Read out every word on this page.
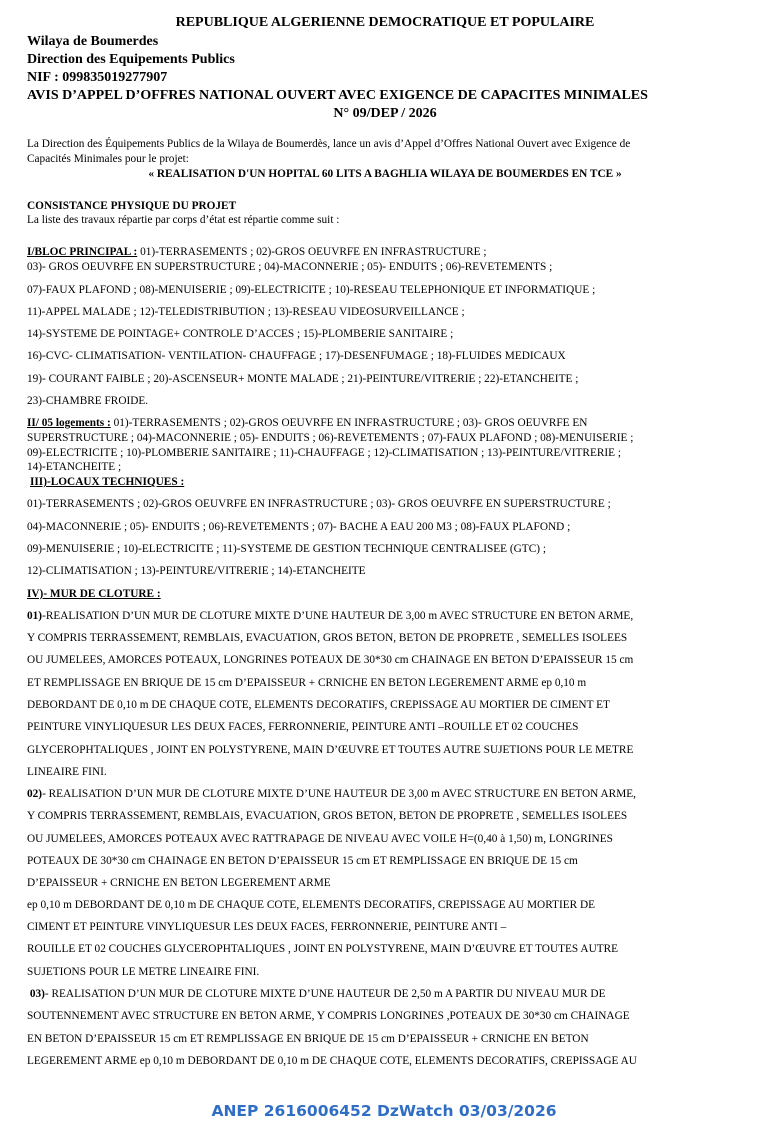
REPUBLIQUE ALGERIENNE DEMOCRATIQUE ET POPULAIRE
Wilaya de Boumerdes
Direction des Equipements Publics
NIF : 099835019277907
AVIS D’APPEL D’OFFRES NATIONAL OUVERT AVEC EXIGENCE DE CAPACITES MINIMALES
N° 09/DEP / 2026
La Direction des Équipements Publics de la Wilaya de Boumerdès, lance un avis d’Appel d’Offres National Ouvert avec Exigence de
Capacités Minimales pour le projet:
« REALISATION D'UN HOPITAL 60 LITS A BAGHLIA WILAYA DE BOUMERDES EN TCE »
CONSISTANCE PHYSIQUE DU PROJET
La liste des travaux répartie par corps d’état est répartie comme suit :
I/BLOC PRINCIPAL : 01)-TERRASEMENTS ; 02)-GROS OEUVRFE EN INFRASTRUCTURE ;
03)- GROS OEUVRFE EN SUPERSTRUCTURE ; 04)-MACONNERIE ; 05)- ENDUITS ; 06)-REVETEMENTS ;
07)-FAUX PLAFOND ; 08)-MENUISERIE ; 09)-ELECTRICITE ; 10)-RESEAU TELEPHONIQUE ET INFORMATIQUE ;
11)-APPEL MALADE ; 12)-TELEDISTRIBUTION ; 13)-RESEAU VIDEOSURVEILLANCE ;
14)-SYSTEME DE POINTAGE+ CONTROLE D’ACCES ; 15)-PLOMBERIE SANITAIRE ;
16)-CVC- CLIMATISATION- VENTILATION- CHAUFFAGE ; 17)-DESENFUMAGE ; 18)-FLUIDES MEDICAUX
19)- COURANT FAIBLE ; 20)-ASCENSEUR+ MONTE MALADE ; 21)-PEINTURE/VITRERIE ; 22)-ETANCHEITE ;
23)-CHAMBRE FROIDE.
II/ 05 logements : 01)-TERRASEMENTS ; 02)-GROS OEUVRFE EN INFRASTRUCTURE ; 03)- GROS OEUVRFE EN
SUPERSTRUCTURE ; 04)-MACONNERIE ; 05)- ENDUITS ; 06)-REVETEMENTS ; 07)-FAUX PLAFOND ; 08)-MENUISERIE ;
09)-ELECTRICITE ; 10)-PLOMBERIE SANITAIRE ; 11)-CHAUFFAGE ; 12)-CLIMATISATION ; 13)-PEINTURE/VITRERIE ;
14)-ETANCHEITE ;
III)-LOCAUX TECHNIQUES :
01)-TERRASEMENTS ; 02)-GROS OEUVRFE EN INFRASTRUCTURE ; 03)- GROS OEUVRFE EN SUPERSTRUCTURE ;
04)-MACONNERIE ; 05)- ENDUITS ; 06)-REVETEMENTS ; 07)- BACHE A EAU 200 M3 ; 08)-FAUX PLAFOND ;
09)-MENUISERIE ; 10)-ELECTRICITE ; 11)-SYSTEME DE GESTION TECHNIQUE CENTRALISEE (GTC) ;
12)-CLIMATISATION ; 13)-PEINTURE/VITRERIE ; 14)-ETANCHEITE
IV)- MUR DE CLOTURE :
01)-REALISATION D’UN MUR DE CLOTURE MIXTE D’UNE HAUTEUR DE 3,00 m AVEC STRUCTURE EN BETON ARME,
Y COMPRIS TERRASSEMENT, REMBLAIS, EVACUATION, GROS BETON, BETON DE PROPRETE , SEMELLES ISOLEES
OU JUMELEES, AMORCES POTEAUX, LONGRINES POTEAUX DE 30*30 cm CHAINAGE EN BETON D’EPAISSEUR 15 cm
ET REMPLISSAGE EN BRIQUE DE 15 cm D’EPAISSEUR + CRNICHE EN BETON LEGEREMENT ARME ep 0,10 m
DEBORDANT DE 0,10 m DE CHAQUE COTE, ELEMENTS DECORATIFS, CREPISSAGE AU MORTIER DE CIMENT ET
PEINTURE VINYLIQUESUR LES DEUX FACES, FERRONNERIE, PEINTURE ANTI –ROUILLE ET 02 COUCHES
GLYCEROPHTALIQUES , JOINT EN POLYSTYRENE, MAIN D’ŒUVRE ET TOUTES AUTRE SUJETIONS POUR LE METRE
LINEAIRE FINI.
02)- REALISATION D’UN MUR DE CLOTURE MIXTE D’UNE HAUTEUR DE 3,00 m AVEC STRUCTURE EN BETON ARME,
Y COMPRIS TERRASSEMENT, REMBLAIS, EVACUATION, GROS BETON, BETON DE PROPRETE , SEMELLES ISOLEES
OU JUMELEES, AMORCES POTEAUX AVEC RATTRAPAGE DE NIVEAU AVEC VOILE H=(0,40 à 1,50) m, LONGRINES
POTEAUX DE 30*30 cm CHAINAGE EN BETON D’EPAISSEUR 15 cm ET REMPLISSAGE EN BRIQUE DE 15 cm
D’EPAISSEUR + CRNICHE EN BETON LEGEREMENT ARME
ep 0,10 m DEBORDANT DE 0,10 m DE CHAQUE COTE, ELEMENTS DECORATIFS, CREPISSAGE AU MORTIER DE
CIMENT ET PEINTURE VINYLIQUESUR LES DEUX FACES, FERRONNERIE, PEINTURE ANTI –
ROUILLE ET 02 COUCHES GLYCEROPHTALIQUES , JOINT EN POLYSTYRENE, MAIN D’ŒUVRE ET TOUTES AUTRE
SUJETIONS POUR LE METRE LINEAIRE FINI.
03)- REALISATION D’UN MUR DE CLOTURE MIXTE D’UNE HAUTEUR DE 2,50 m A PARTIR DU NIVEAU MUR DE
SOUTENNEMENT AVEC STRUCTURE EN BETON ARME, Y COMPRIS LONGRINES ,POTEAUX DE 30*30 cm CHAINAGE
EN BETON D’EPAISSEUR 15 cm ET REMPLISSAGE EN BRIQUE DE 15 cm D’EPAISSEUR + CRNICHE EN BETON
LEGEREMENT ARME ep 0,10 m DEBORDANT DE 0,10 m DE CHAQUE COTE, ELEMENTS DECORATIFS, CREPISSAGE AU
ANEP 2616006452 DzWatch 03/03/2026
